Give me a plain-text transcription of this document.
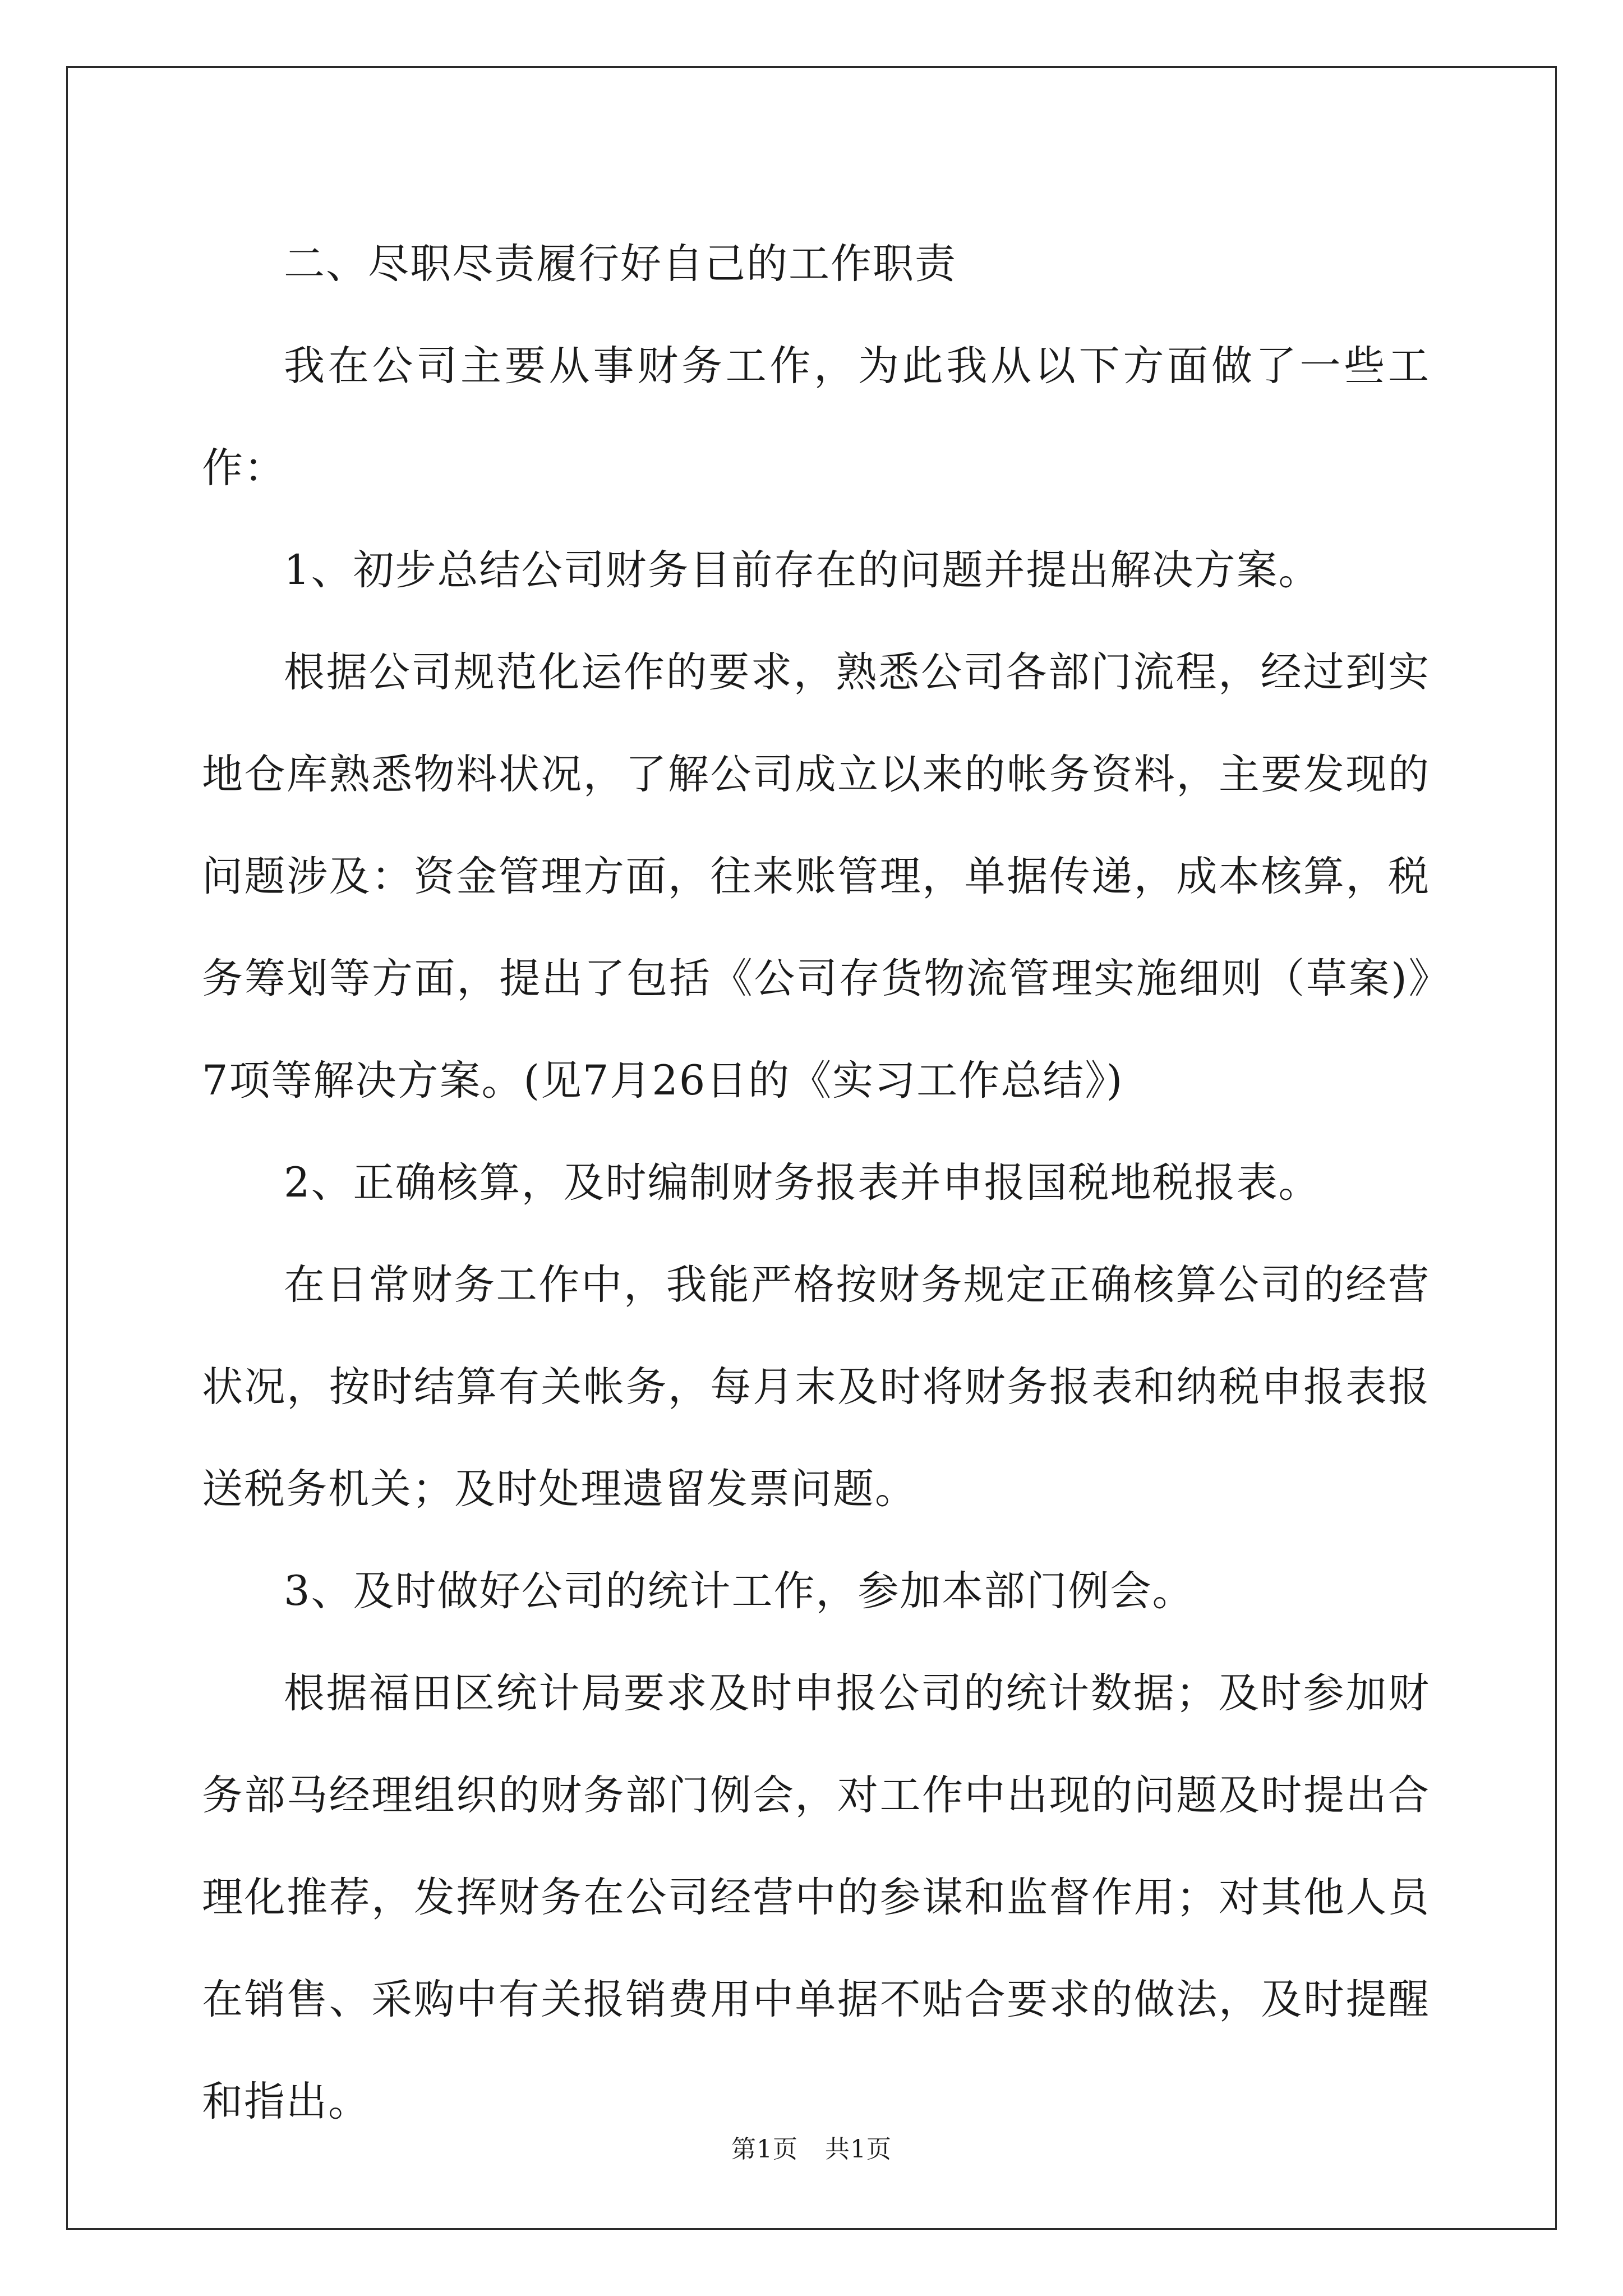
二、尽职尽责履行好自己的工作职责

我在公司主要从事财务工作，为此我从以下方面做了一些工作：

1、初步总结公司财务目前存在的问题并提出解决方案。

根据公司规范化运作的要求，熟悉公司各部门流程，经过到实地仓库熟悉物料状况，了解公司成立以来的帐务资料，主要发现的问题涉及：资金管理方面，往来账管理，单据传递，成本核算，税务筹划等方面，提出了包括《公司存货物流管理实施细则（草案)》7项等解决方案。(见7月26日的《实习工作总结》)

2、正确核算，及时编制财务报表并申报国税地税报表。

在日常财务工作中，我能严格按财务规定正确核算公司的经营状况，按时结算有关帐务，每月末及时将财务报表和纳税申报表报送税务机关；及时处理遗留发票问题。

3、及时做好公司的统计工作，参加本部门例会。

根据福田区统计局要求及时申报公司的统计数据；及时参加财务部马经理组织的财务部门例会，对工作中出现的问题及时提出合理化推荐，发挥财务在公司经营中的参谋和监督作用；对其他人员在销售、采购中有关报销费用中单据不贴合要求的做法，及时提醒和指出。

第1页 共1页
